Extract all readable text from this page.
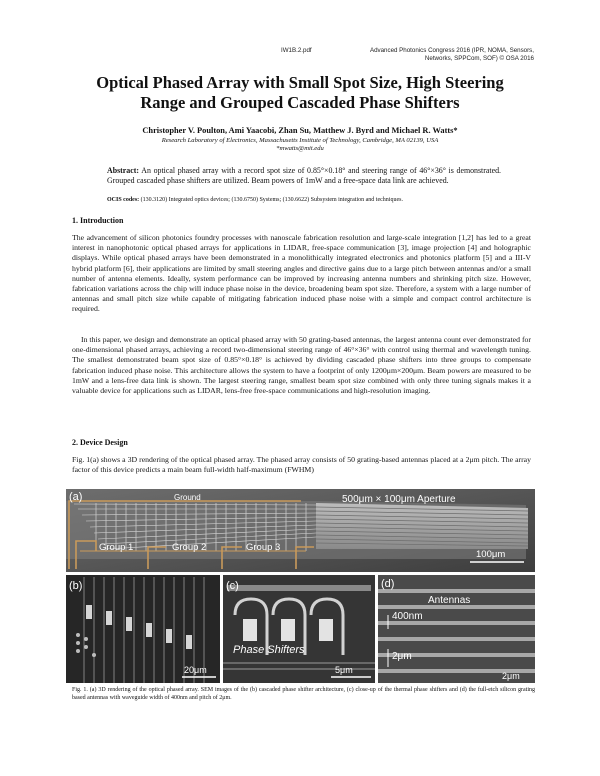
IW1B.2.pdf	Advanced Photonics Congress 2016 (IPR, NOMA, Sensors,
Networks, SPPCom, SOF) © OSA 2016
Optical Phased Array with Small Spot Size, High Steering
Range and Grouped Cascaded Phase Shifters
Christopher V. Poulton, Ami Yaacobi, Zhan Su, Matthew J. Byrd and Michael R. Watts*
Research Laboratory of Electronics, Massachusetts Institute of Technology, Cambridge, MA 02139, USA
*mwatts@mit.edu
Abstract: An optical phased array with a record spot size of 0.85°×0.18° and steering range of 46°×36° is demonstrated. Grouped cascaded phase shifters are utilized. Beam powers of 1mW and a free-space data link are achieved.
OCIS codes: (130.3120) Integrated optics devices; (130.6750) Systems; (130.6622) Subsystem integration and techniques.
1. Introduction
The advancement of silicon photonics foundry processes with nanoscale fabrication resolution and large-scale integration [1,2] has led to a great interest in nanophotonic optical phased arrays for applications in LIDAR, free-space communication [3], image projection [4] and holographic displays. While optical phased arrays have been demonstrated in a monolithically integrated electronics and photonics platform [5] and a III-V hybrid platform [6], their applications are limited by small steering angles and directive gains due to a large pitch between antennas and/or a small number of antenna elements. Ideally, system performance can be improved by increasing antenna numbers and shrinking pitch size. However, fabrication variations across the chip will induce phase noise in the device, broadening beam spot size. Therefore, a system with a large number of antennas and small pitch size while capable of mitigating fabrication induced phase noise with a simple and compact control architecture is required.
In this paper, we design and demonstrate an optical phased array with 50 grating-based antennas, the largest antenna count ever demonstrated for one-dimensional phased arrays, achieving a record two-dimensional steering range of 46°×36° with control using thermal and wavelength tuning. The smallest demonstrated beam spot size of 0.85°×0.18° is achieved by dividing cascaded phase shifters into three groups to compensate fabrication induced phase noise. This architecture allows the system to have a footprint of only 1200μm×200μm. Beam powers are measured to be 1mW and a lens-free data link is shown. The largest steering range, smallest beam spot size combined with only three tuning signals makes it a valuable device for applications such as LIDAR, lens-free free-space communications and high-resolution imaging.
2. Device Design
Fig. 1(a) shows a 3D rendering of the optical phased array. The phased array consists of 50 grating-based antennas placed at a 2μm pitch. The array factor of this device predicts a main beam full-width half-maximum (FWHM)
(a)	Ground	500μm × 100μm Aperture
Group 1	Group 2	Group 3
100μm
(b)
20μm
(c)
Phase Shifters
5μm
(d)
Antennas
400nm
2μm
2μm
Fig. 1. (a) 3D rendering of the optical phased array. SEM images of the (b) cascaded phase shifter architecture, (c) close-up of the thermal phase shifters and (d) the full-etch silicon grating based antennas with waveguide width of 400nm and pitch of 2μm.
